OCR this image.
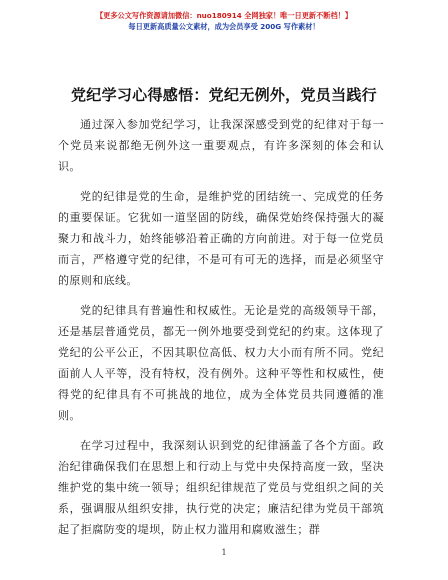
【更多公文写作资源请加微信：nuo180914 全网独家！唯一日更新不断档！】
每日更新高质量公文素材，成为会员享受 200G 写作素材！
党纪学习心得感悟：党纪无例外，党员当践行

通过深入参加党纪学习，让我深深感受到党的纪律对于每一个党员来说都绝无例外这一重要观点，有许多深刻的体会和认识。

党的纪律是党的生命，是维护党的团结统一、完成党的任务的重要保证。它犹如一道坚固的防线，确保党始终保持强大的凝聚力和战斗力，始终能够沿着正确的方向前进。对于每一位党员而言，严格遵守党的纪律，不是可有可无的选择，而是必须坚守的原则和底线。

党的纪律具有普遍性和权威性。无论是党的高级领导干部，还是基层普通党员，都无一例外地要受到党纪的约束。这体现了党纪的公平公正，不因其职位高低、权力大小而有所不同。党纪面前人人平等，没有特权，没有例外。这种平等性和权威性，使得党的纪律具有不可挑战的地位，成为全体党员共同遵循的准则。

在学习过程中，我深刻认识到党的纪律涵盖了各个方面。政治纪律确保我们在思想上和行动上与党中央保持高度一致，坚决维护党的集中统一领导；组织纪律规范了党员与党组织之间的关系，强调服从组织安排，执行党的决定；廉洁纪律为党员干部筑起了拒腐防变的堤坝，防止权力滥用和腐败滋生；群

1
